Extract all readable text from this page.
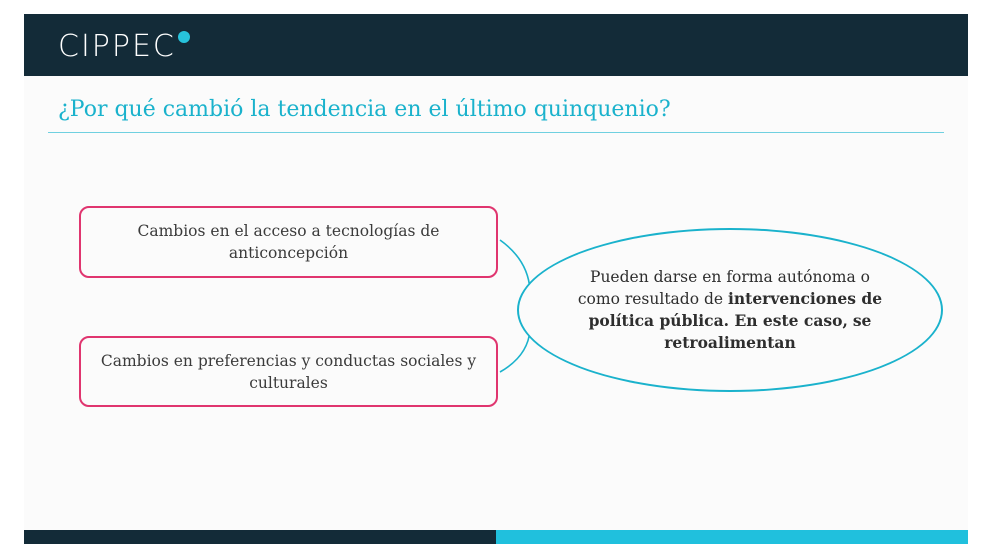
CIPPEC
¿Por qué cambió la tendencia en el último quinquenio?
Cambios en el acceso a tecnologías de anticoncepción
Cambios en preferencias y conductas sociales y culturales
Pueden darse en forma autónoma o como resultado de intervenciones de política pública. En este caso, se retroalimentan
